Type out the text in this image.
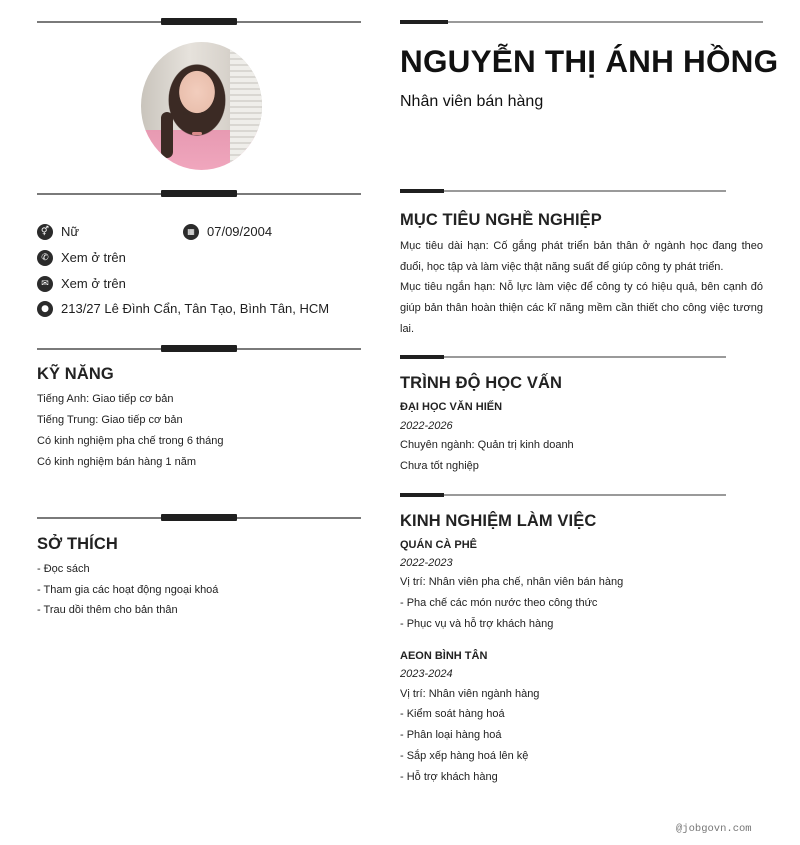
⚥ Nữ	▦ 07/09/2004
✆ Xem ở trên
✉ Xem ở trên
● 213/27 Lê Đình Cẩn, Tân Tạo, Bình Tân, HCM
KỸ NĂNG
Tiếng Anh: Giao tiếp cơ bản
Tiếng Trung: Giao tiếp cơ bản
Có kinh nghiệm pha chế trong 6 tháng
Có kinh nghiệm bán hàng 1 năm
SỞ THÍCH
- Đọc sách
- Tham gia các hoạt động ngoại khoá
- Trau dồi thêm cho bản thân
NGUYỄN THỊ ÁNH HỒNG
Nhân viên bán hàng
MỤC TIÊU NGHỀ NGHIỆP

Mục tiêu dài hạn: Cố gắng phát triển bản thân ở ngành học đang theo đuổi, học tập và làm việc thật năng suất để giúp công ty phát triển.

Mục tiêu ngắn hạn: Nỗ lực làm việc để công ty có hiệu quả, bên cạnh đó giúp bản thân hoàn thiện các kĩ năng mềm cần thiết cho công việc tương lai.

TRÌNH ĐỘ HỌC VẤN
ĐẠI HỌC VĂN HIẾN
2022-2026
Chuyên ngành: Quản trị kinh doanh
Chưa tốt nghiệp
KINH NGHIỆM LÀM VIỆC
QUÁN CÀ PHÊ
2022-2023
Vị trí: Nhân viên pha chế, nhân viên bán hàng
- Pha chế các món nước theo công thức
- Phục vụ và hỗ trợ khách hàng
AEON BÌNH TÂN
2023-2024
Vị trí: Nhân viên ngành hàng
- Kiểm soát hàng hoá
- Phân loại hàng hoá
- Sắp xếp hàng hoá lên kệ
- Hỗ trợ khách hàng
@jobgovn.com
